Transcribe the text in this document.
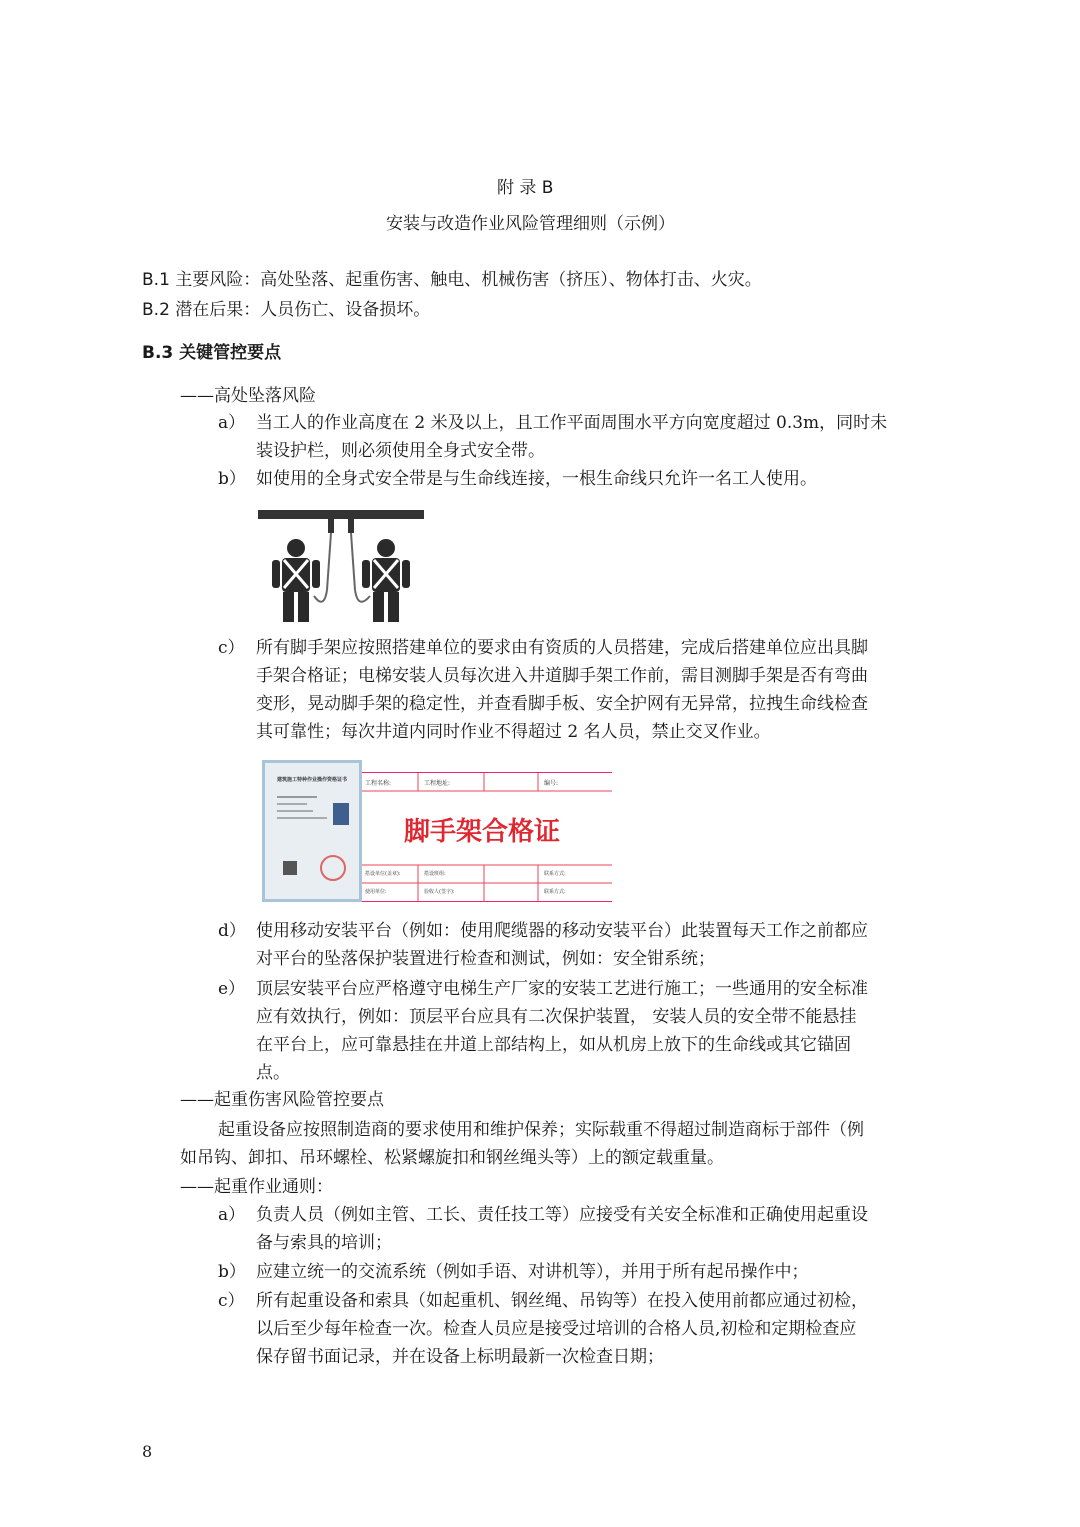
附 录 B
安装与改造作业风险管理细则（示例）
B.1 主要风险：高处坠落、起重伤害、触电、机械伤害（挤压）、物体打击、火灾。
B.2 潜在后果：人员伤亡、设备损坏。
B.3 关键管控要点
——高处坠落风险
a） 当工人的作业高度在 2 米及以上，且工作平面周围水平方向宽度超过 0.3m，同时未
装设护栏，则必须使用全身式安全带。
b） 如使用的全身式安全带是与生命线连接，一根生命线只允许一名工人使用。
c） 所有脚手架应按照搭建单位的要求由有资质的人员搭建，完成后搭建单位应出具脚
手架合格证；电梯安装人员每次进入井道脚手架工作前，需目测脚手架是否有弯曲
变形，晃动脚手架的稳定性，并查看脚手板、安全护网有无异常，拉拽生命线检查
其可靠性；每次井道内同时作业不得超过 2 名人员，禁止交叉作业。
建筑施工特种作业操作资格证书	工程名称:	工程地址:	编号:
脚手架合格证
搭设单位(盖章):	搭设班组:	联系方式:
使用单位:	验收人(签字):	联系方式:
d） 使用移动安装平台（例如：使用爬缆器的移动安装平台）此装置每天工作之前都应
对平台的坠落保护装置进行检查和测试，例如：安全钳系统；
e） 顶层安装平台应严格遵守电梯生产厂家的安装工艺进行施工；一些通用的安全标准
应有效执行，例如：顶层平台应具有二次保护装置， 安装人员的安全带不能悬挂
在平台上，应可靠悬挂在井道上部结构上，如从机房上放下的生命线或其它锚固
点。
——起重伤害风险管控要点
起重设备应按照制造商的要求使用和维护保养；实际载重不得超过制造商标于部件（例
如吊钩、卸扣、吊环螺栓、松紧螺旋扣和钢丝绳头等）上的额定载重量。
——起重作业通则：
a） 负责人员（例如主管、工长、责任技工等）应接受有关安全标准和正确使用起重设
备与索具的培训；
b） 应建立统一的交流系统（例如手语、对讲机等），并用于所有起吊操作中；
c） 所有起重设备和索具（如起重机、钢丝绳、吊钩等）在投入使用前都应通过初检，
以后至少每年检查一次。检查人员应是接受过培训的合格人员,初检和定期检查应
保存留书面记录，并在设备上标明最新一次检查日期；
8
